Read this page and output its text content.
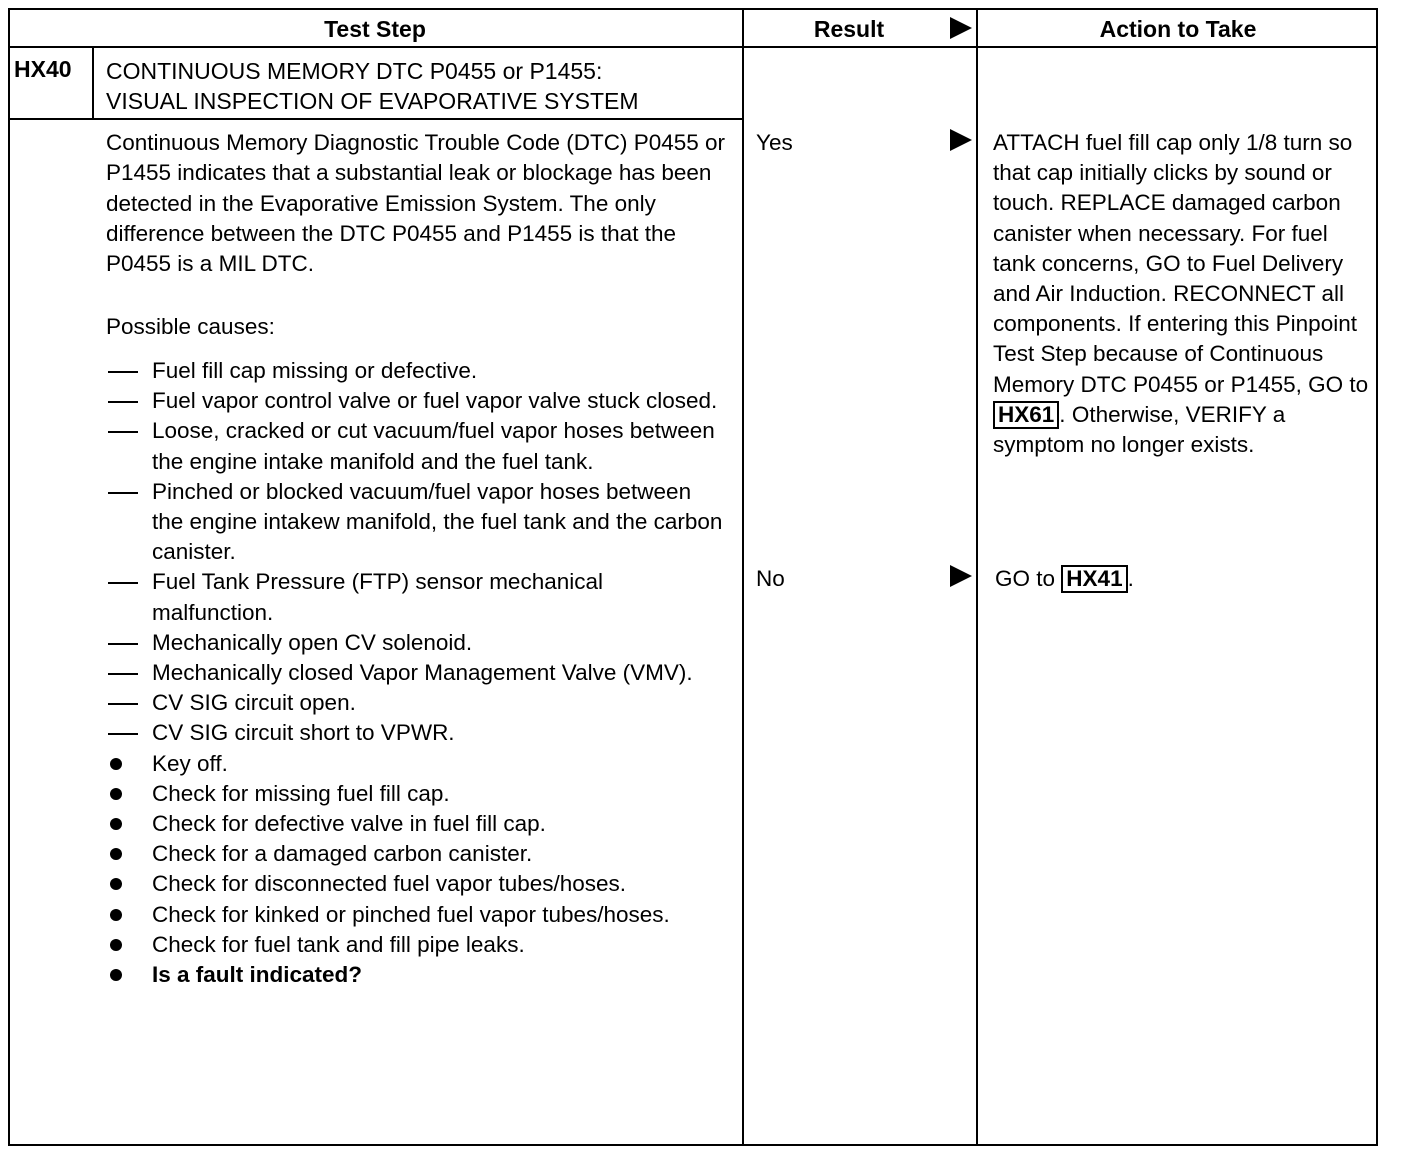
Test Step	Result	Action to Take
HX40 CONTINUOUS MEMORY DTC P0455 or P1455:
VISUAL INSPECTION OF EVAPORATIVE SYSTEM

Continuous Memory Diagnostic Trouble Code (DTC) P0455 or P1455 indicates that a substantial leak or blockage has been detected in the Evaporative Emission System. The only difference between the DTC P0455 and P1455 is that the P0455 is a MIL DTC.

Possible causes:
Fuel fill cap missing or defective.
Fuel vapor control valve or fuel vapor valve stuck closed.
Loose, cracked or cut vacuum/fuel vapor hoses between the engine intake manifold and the fuel tank.
Pinched or blocked vacuum/fuel vapor hoses between the engine intakew manifold, the fuel tank and the carbon canister.
Fuel Tank Pressure (FTP) sensor mechanical malfunction.
Mechanically open CV solenoid.
Mechanically closed Vapor Management Valve (VMV).
CV SIG circuit open.
CV SIG circuit short to VPWR.
Key off.
Check for missing fuel fill cap.
Check for defective valve in fuel fill cap.
Check for a damaged carbon canister.
Check for disconnected fuel vapor tubes/hoses.
Check for kinked or pinched fuel vapor tubes/hoses.
Check for fuel tank and fill pipe leaks.
Is a fault indicated?
Yes
No
ATTACH fuel fill cap only 1/8 turn so that cap initially clicks by sound or touch. REPLACE damaged carbon canister when necessary. For fuel tank concerns, GO to Fuel Delivery and Air Induction. RECONNECT all components. If entering this Pinpoint Test Step because of Continuous Memory DTC P0455 or P1455, GO to HX61 . Otherwise, VERIFY a symptom no longer exists.
GO to HX41 .
